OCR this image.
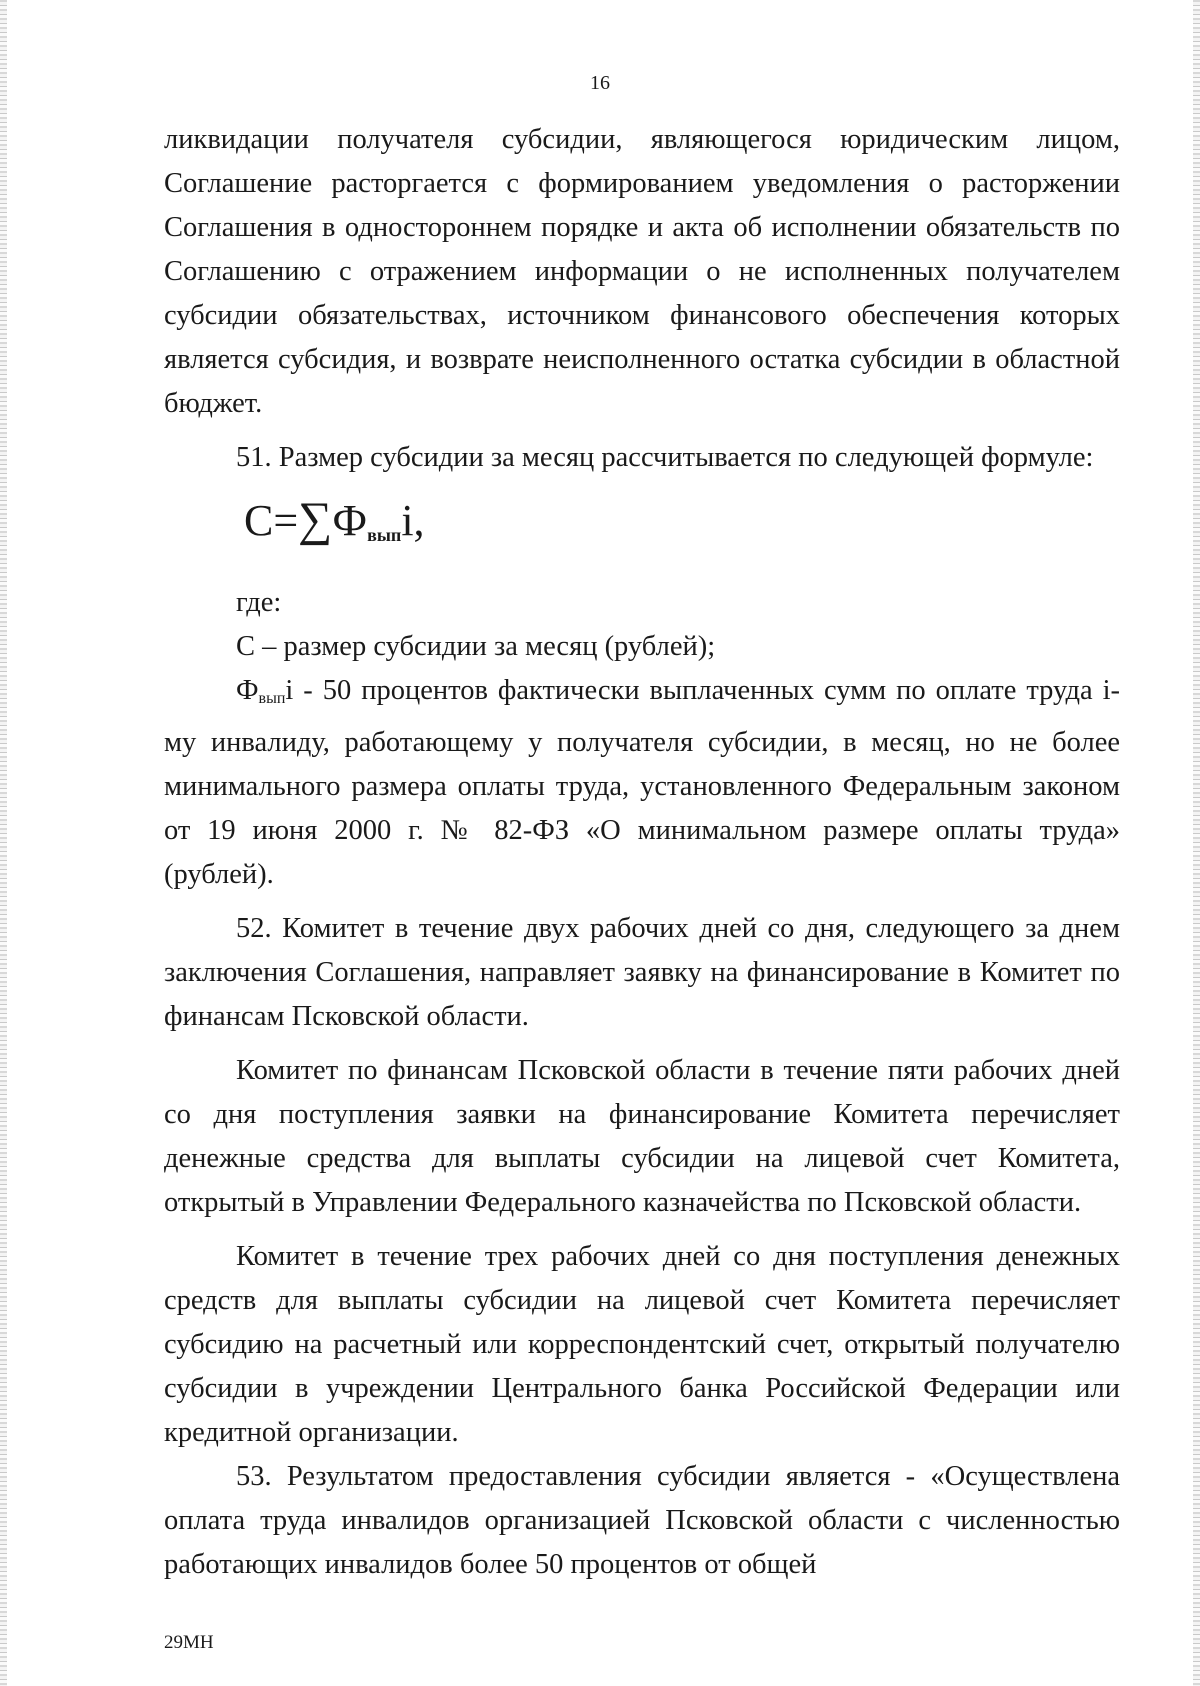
16

ликвидации получателя субсидии, являющегося юридическим лицом, Соглашение расторгается с формированием уведомления о расторжении Соглашения в одностороннем порядке и акта об исполнении обязательств по Соглашению с отражением информации о не исполненных получателем субсидии обязательствах, источником финансового обеспечения которых является субсидия, и возврате неисполненного остатка субсидии в областной бюджет.

51. Размер субсидии за месяц рассчитывается по следующей формуле:

$С=\sum Ф_{вып}i$,

где:

С – размер субсидии за месяц (рублей);

Фвыпi - 50 процентов фактически выплаченных сумм по оплате труда i-му инвалиду, работающему у получателя субсидии, в месяц, но не более минимального размера оплаты труда, установленного Федеральным законом от 19 июня 2000 г. № 82-ФЗ «О минимальном размере оплаты труда» (рублей).

52. Комитет в течение двух рабочих дней со дня, следующего за днем заключения Соглашения, направляет заявку на финансирование в Комитет по финансам Псковской области.

Комитет по финансам Псковской области в течение пяти рабочих дней со дня поступления заявки на финансирование Комитета перечисляет денежные средства для выплаты субсидии на лицевой счет Комитета, открытый в Управлении Федерального казначейства по Псковской области.

Комитет в течение трех рабочих дней со дня поступления денежных средств для выплаты субсидии на лицевой счет Комитета перечисляет субсидию на расчетный или корреспондентский счет, открытый получателю субсидии в учреждении Центрального банка Российской Федерации или кредитной организации.

53. Результатом предоставления субсидии является - «Осуществлена оплата труда инвалидов организацией Псковской области с численностью работающих инвалидов более 50 процентов от общей

29МН
